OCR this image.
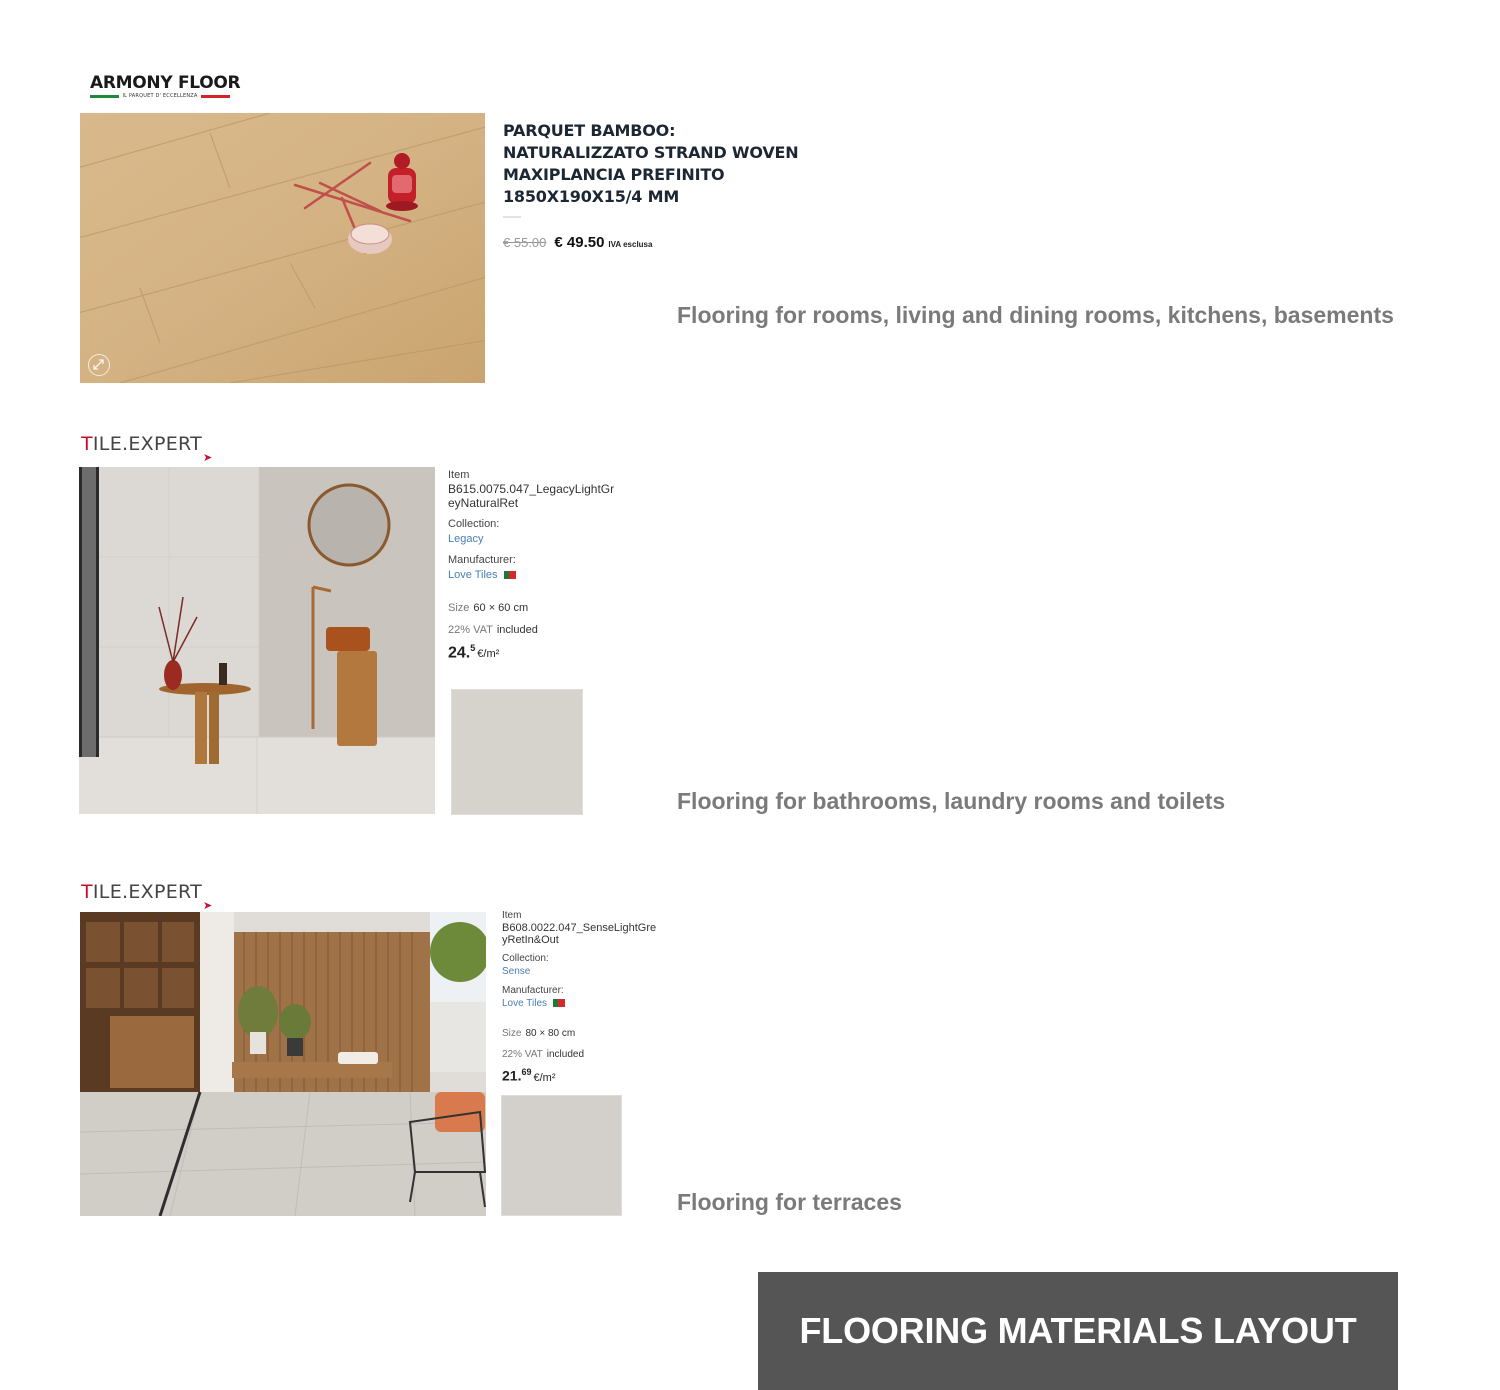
ARMONY FLOOR
IL PARQUET D' ECCELLENZA
PARQUET BAMBOO:
NATURALIZZATO STRAND WOVEN
MAXIPLANCIA PREFINITO
1850X190X15/4 MM
€ 55.00 € 49.50 IVA esclusa
Flooring for rooms, living and dining rooms, kitchens, basements
TILE.EXPERT
➤
Item
B615.0075.047_LegacyLightGr
eyNaturalRet
Collection:
Legacy
Manufacturer:
Love Tiles
Size 60 × 60 cm
22% VAT included
24.$^5$€/m²
Flooring for bathrooms, laundry rooms and toilets
TILE.EXPERT
➤
Item
B608.0022.047_SenseLightGre
yRetIn&Out
Collection:
Sense
Manufacturer:
Love Tiles
Size 80 × 80 cm
22% VAT included
21.69 €/m²
Flooring for terraces
FLOORING MATERIALS LAYOUT
